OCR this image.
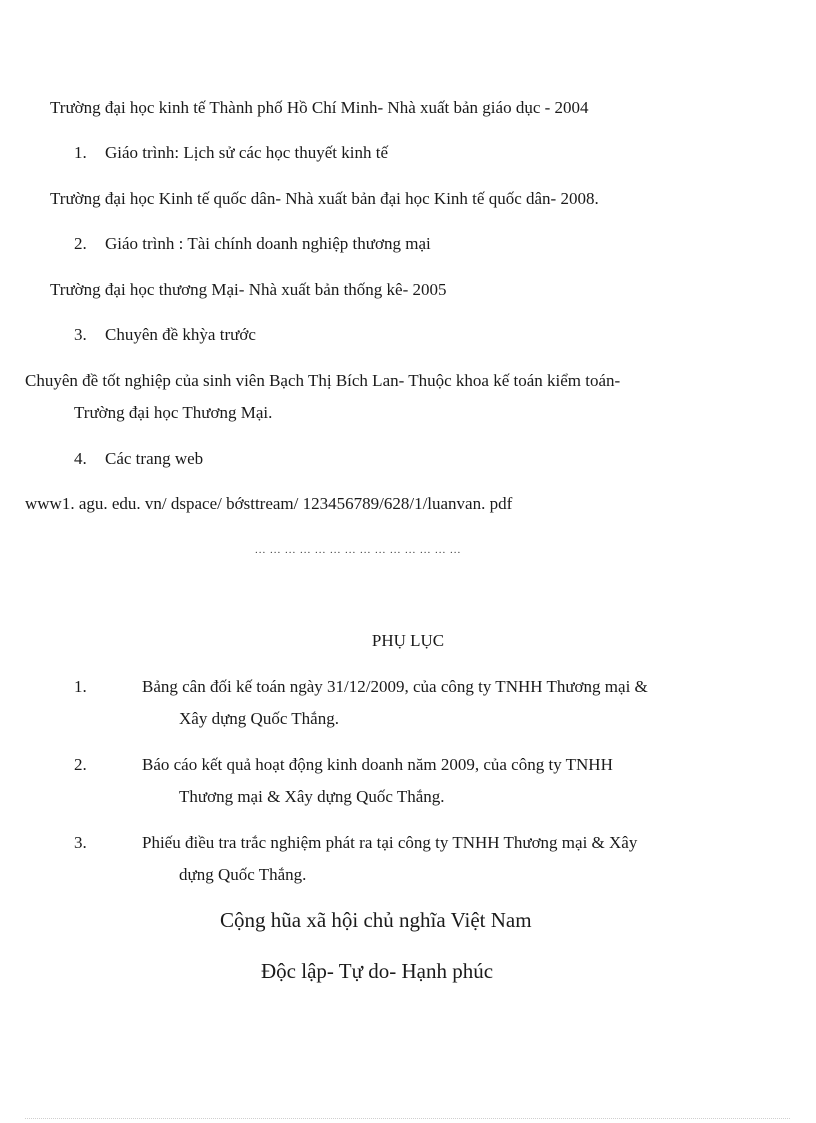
Trường đại học kinh tế Thành phố Hồ Chí Minh- Nhà xuất bản giáo dục - 2004
1. Giáo trình: Lịch sử các học thuyết kinh tế
Trường đại học Kinh tế quốc dân- Nhà xuất bản đại học Kinh tế quốc dân- 2008.
2. Giáo trình : Tài chính doanh nghiệp thương mại
Trường đại học thương Mại- Nhà xuất bản thống kê- 2005
3. Chuyên đề khỳa trước
Chuyên đề tốt nghiệp của sinh viên Bạch Thị Bích Lan- Thuộc khoa kế toán kiểm toán-
Trường đại học Thương Mại.
4. Các trang web
www1. agu. edu. vn/ dspace/ bớsttream/ 123456789/628/1/luanvan. pdf
... ... ... ... ... ... ... ... ... ... ... ... ... ...
PHỤ LỤC
1.	Bảng cân đối kế toán ngày 31/12/2009, của công ty TNHH Thương mại &
Xây dựng Quốc Thắng.
2.	Báo cáo kết quả hoạt động kinh doanh năm 2009, của công ty TNHH
Thương mại & Xây dựng Quốc Thắng.
3.	Phiếu điều tra trắc nghiệm phát ra tại công ty TNHH Thương mại & Xây
dựng Quốc Thắng.
Cộng hũa xã hội chủ nghĩa Việt Nam
Độc lập- Tự do- Hạnh phúc
